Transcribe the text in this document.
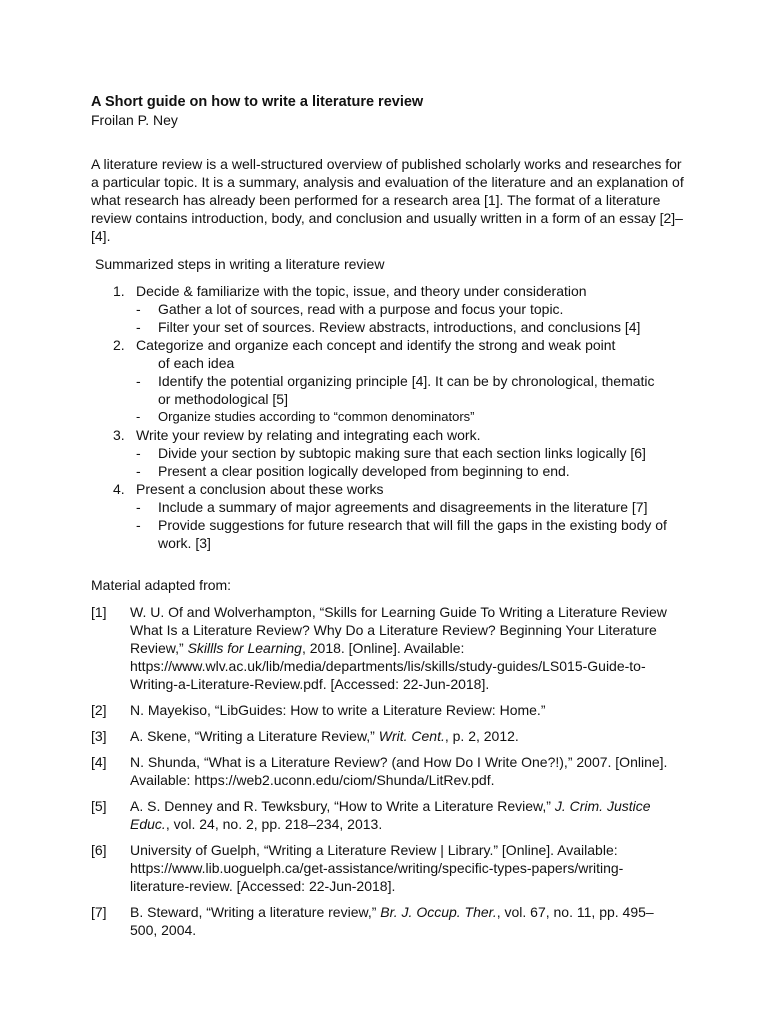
A Short guide on how to write a literature review
Froilan P. Ney
A literature review is a well-structured overview of published scholarly works and researches for a particular topic. It is a summary, analysis and evaluation of the literature and an explanation of what research has already been performed for a research area [1]. The format of a literature review contains introduction, body, and conclusion and usually written in a form of an essay [2]–[4].
Summarized steps in writing a literature review
1. Decide & familiarize with the topic, issue, and theory under consideration
- Gather a lot of sources, read with a purpose and focus your topic.
- Filter your set of sources. Review abstracts, introductions, and conclusions [4]
2. Categorize and organize each concept and identify the strong and weak point
of each idea
- Identify the potential organizing principle [4]. It can be by chronological, thematic or methodological [5]
- Organize studies according to “common denominators”
3. Write your review by relating and integrating each work.
- Divide your section by subtopic making sure that each section links logically [6]
- Present a clear position logically developed from beginning to end.
4. Present a conclusion about these works
- Include a summary of major agreements and disagreements in the literature [7]
- Provide suggestions for future research that will fill the gaps in the existing body of work. [3]
Material adapted from:
[1] W. U. Of and Wolverhampton, “Skills for Learning Guide To Writing a Literature Review What Is a Literature Review? Why Do a Literature Review? Beginning Your Literature Review,” Skillls for Learning, 2018. [Online]. Available: https://www.wlv.ac.uk/lib/media/departments/lis/skills/study-guides/LS015-Guide-to-Writing-a-Literature-Review.pdf. [Accessed: 22-Jun-2018].
[2] N. Mayekiso, “LibGuides: How to write a Literature Review: Home.”
[3] A. Skene, “Writing a Literature Review,” Writ. Cent., p. 2, 2012.
[4] N. Shunda, “What is a Literature Review? (and How Do I Write One?!),” 2007. [Online]. Available: https://web2.uconn.edu/ciom/Shunda/LitRev.pdf.
[5] A. S. Denney and R. Tewksbury, “How to Write a Literature Review,” J. Crim. Justice Educ., vol. 24, no. 2, pp. 218–234, 2013.
[6] University of Guelph, “Writing a Literature Review | Library.” [Online]. Available: https://www.lib.uoguelph.ca/get-assistance/writing/specific-types-papers/writing-literature-review. [Accessed: 22-Jun-2018].
[7] B. Steward, “Writing a literature review,” Br. J. Occup. Ther., vol. 67, no. 11, pp. 495–500, 2004.
